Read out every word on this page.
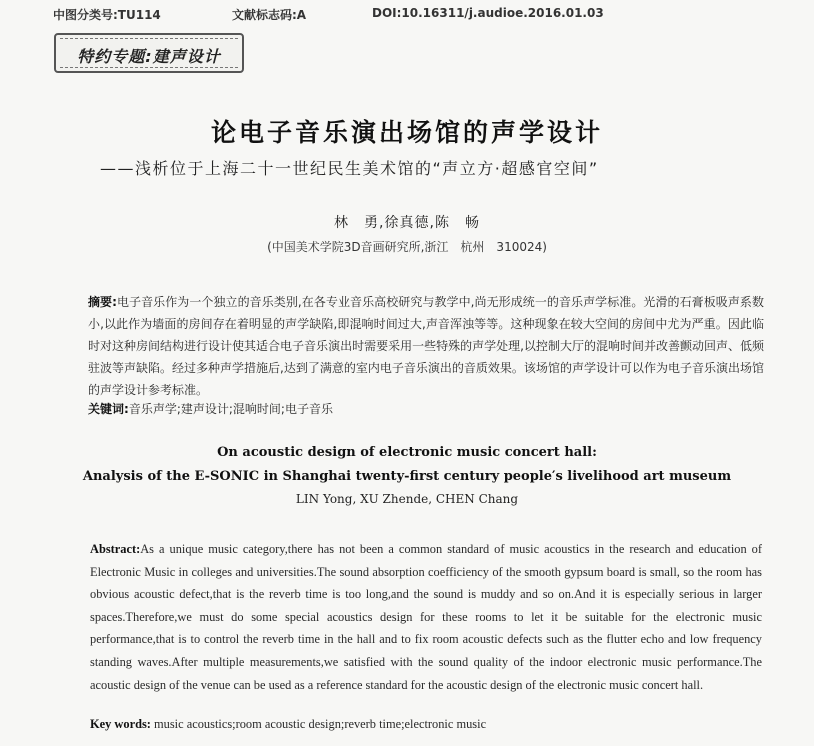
中图分类号:TU114	文献标志码:A	DOI:10.16311/j.audioe.2016.01.03
特约专题:建声设计
论电子音乐演出场馆的声学设计
——浅析位于上海二十一世纪民生美术馆的“声立方·超感官空间”
林　勇,徐真德,陈　畅
(中国美术学院3D音画研究所,浙江　杭州　310024)
摘要:电子音乐作为一个独立的音乐类别,在各专业音乐高校研究与教学中,尚无形成统一的音乐声学标准。光滑的石膏板吸声系数小,以此作为墙面的房间存在着明显的声学缺陷,即混响时间过大,声音浑浊等等。这种现象在较大空间的房间中尤为严重。因此临时对这种房间结构进行设计使其适合电子音乐演出时需要采用一些特殊的声学处理,以控制大厅的混响时间并改善颤动回声、低频驻波等声缺陷。经过多种声学措施后,达到了满意的室内电子音乐演出的音质效果。该场馆的声学设计可以作为电子音乐演出场馆的声学设计参考标准。
关键词:音乐声学;建声设计;混响时间;电子音乐
On acoustic design of electronic music concert hall:
Analysis of the E-SONIC in Shanghai twenty-first century people′s livelihood art museum
LIN Yong, XU Zhende, CHEN Chang
Abstract:As a unique music category,there has not been a common standard of music acoustics in the research and education of Electronic Music in colleges and universities.The sound absorption coefficiency of the smooth gypsum board is small, so the room has obvious acoustic defect,that is the reverb time is too long,and the sound is muddy and so on.And it is especially serious in larger spaces.Therefore,we must do some special acoustics design for these rooms to let it be suitable for the electronic music performance,that is to control the reverb time in the hall and to fix room acoustic defects such as the flutter echo and low frequency standing waves.After multiple measurements,we satisfied with the sound quality of the indoor electronic music performance.The acoustic design of the venue can be used as a reference standard for the acoustic design of the electronic music concert hall.
Key words: music acoustics;room acoustic design;reverb time;electronic music
